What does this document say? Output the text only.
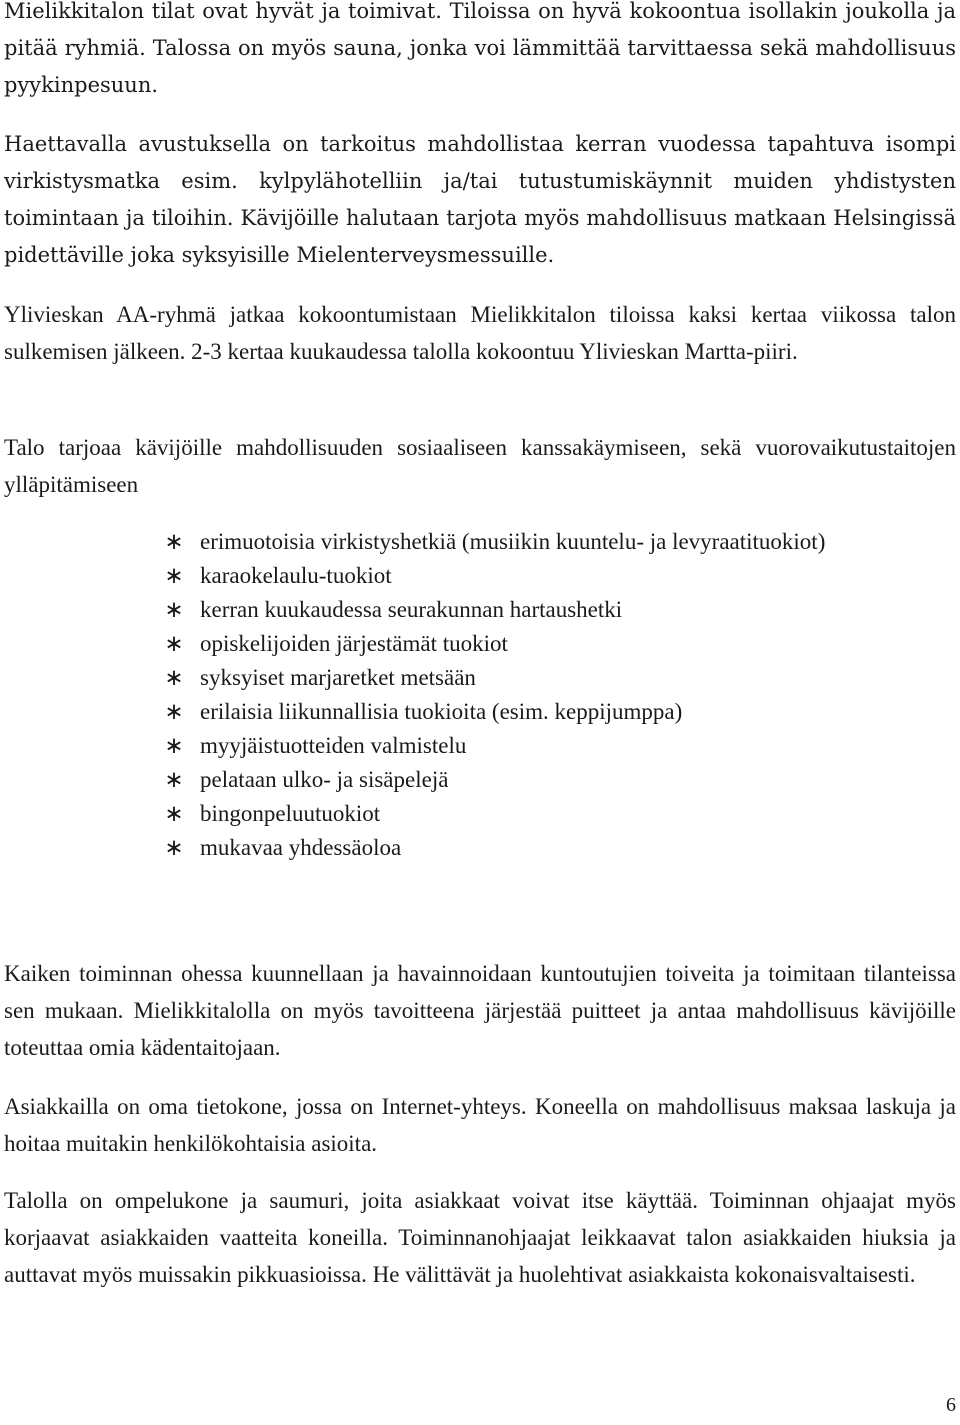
Mielikkitalon tilat ovat hyvät ja toimivat. Tiloissa on hyvä kokoontua isollakin joukolla ja pitää ryhmiä. Talossa on myös sauna, jonka voi lämmittää tarvittaessa sekä mahdollisuus pyykinpesuun.

Haettavalla avustuksella on tarkoitus mahdollistaa kerran vuodessa tapahtuva isompi virkistysmatka esim. kylpylähotelliin ja/tai tutustumiskäynnit muiden yhdistysten toimintaan ja tiloihin. Kävijöille halutaan tarjota myös mahdollisuus matkaan Helsingissä pidettäville joka syksyisille Mielenterveysmessuille.

Ylivieskan AA-ryhmä jatkaa kokoontumistaan Mielikkitalon tiloissa kaksi kertaa viikossa talon sulkemisen jälkeen. 2-3 kertaa kuukaudessa talolla kokoontuu Ylivieskan Martta-piiri.

Talo tarjoaa kävijöille mahdollisuuden sosiaaliseen kanssakäymiseen, sekä vuorovaikutustaitojen ylläpitämiseen

∗ erimuotoisia virkistyshetkiä (musiikin kuuntelu- ja levyraatituokiot)
∗ karaokelaulu-tuokiot
∗ kerran kuukaudessa seurakunnan hartaushetki
∗ opiskelijoiden järjestämät tuokiot
∗ syksyiset marjaretket metsään
∗ erilaisia liikunnallisia tuokioita (esim. keppijumppa)
∗ myyjäistuotteiden valmistelu
∗ pelataan ulko- ja sisäpelejä
∗ bingonpeluutuokiot
∗ mukavaa yhdessäoloa

Kaiken toiminnan ohessa kuunnellaan ja havainnoidaan kuntoutujien toiveita ja toimitaan tilanteissa sen mukaan. Mielikkitalolla on myös tavoitteena järjestää puitteet ja antaa mahdollisuus kävijöille toteuttaa omia kädentaitojaan.

Asiakkailla on oma tietokone, jossa on Internet-yhteys. Koneella on mahdollisuus maksaa laskuja ja hoitaa muitakin henkilökohtaisia asioita.

Talolla on ompelukone ja saumuri, joita asiakkaat voivat itse käyttää. Toiminnan ohjaajat myös korjaavat asiakkaiden vaatteita koneilla. Toiminnanohjaajat leikkaavat talon asiakkaiden hiuksia ja auttavat myös muissakin pikkuasioissa. He välittävät ja huolehtivat asiakkaista kokonaisvaltaisesti.

6
